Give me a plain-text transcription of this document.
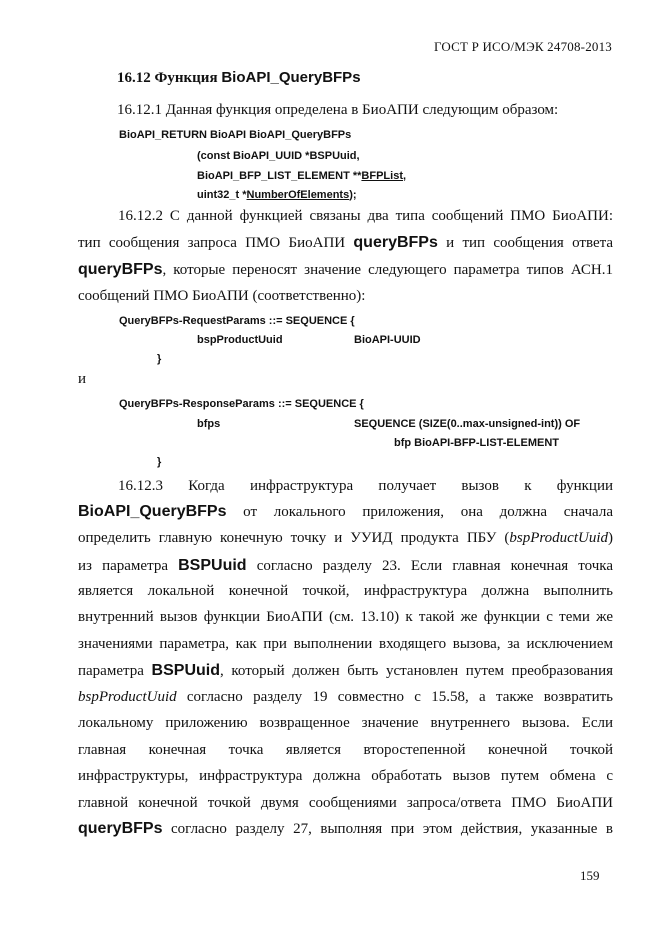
ГОСТ Р ИСО/МЭК 24708-2013
16.12 Функция BioAPI_QueryBFPs
16.12.1 Данная функция определена в БиоАПИ следующим образом:
BioAPI_RETURN BioAPI BioAPI_QueryBFPs
(const BioAPI_UUID *BSPUuid,
BioAPI_BFP_LIST_ELEMENT **BFPList,
uint32_t *NumberOfElements);
16.12.2 С данной функцией связаны два типа сообщений ПМО БиоАПИ:
тип сообщения запроса ПМО БиоАПИ queryBFPs и тип сообщения ответа
queryBFPs, которые переносят значение следующего параметра типов АСН.1
сообщений ПМО БиоАПИ (соответственно):
QueryBFPs-RequestParams ::= SEQUENCE {
bspProductUuid	BioAPI-UUID
}
и
QueryBFPs-ResponseParams ::= SEQUENCE {
bfps	SEQUENCE (SIZE(0..max-unsigned-int)) OF
bfp BioAPI-BFP-LIST-ELEMENT
}
16.12.3 Когда инфраструктура получает вызов к функции
BioAPI_QueryBFPs от локального приложения, она должна сначала
определить главную конечную точку и УУИД продукта ПБУ (bspProductUuid)
из параметра BSPUuid согласно разделу 23. Если главная конечная точка
является локальной конечной точкой, инфраструктура должна выполнить
внутренний вызов функции БиоАПИ (см. 13.10) к такой же функции с теми же
значениями параметра, как при выполнении входящего вызова, за исключением
параметра BSPUuid, который должен быть установлен путем преобразования
bspProductUuid согласно разделу 19 совместно с 15.58, а также возвратить
локальному приложению возвращенное значение внутреннего вызова. Если
главная конечная точка является второстепенной конечной точкой
инфраструктуры, инфраструктура должна обработать вызов путем обмена с
главной конечной точкой двумя сообщениями запроса/ответа ПМО БиоАПИ
queryBFPs согласно разделу 27, выполняя при этом действия, указанные в
159
